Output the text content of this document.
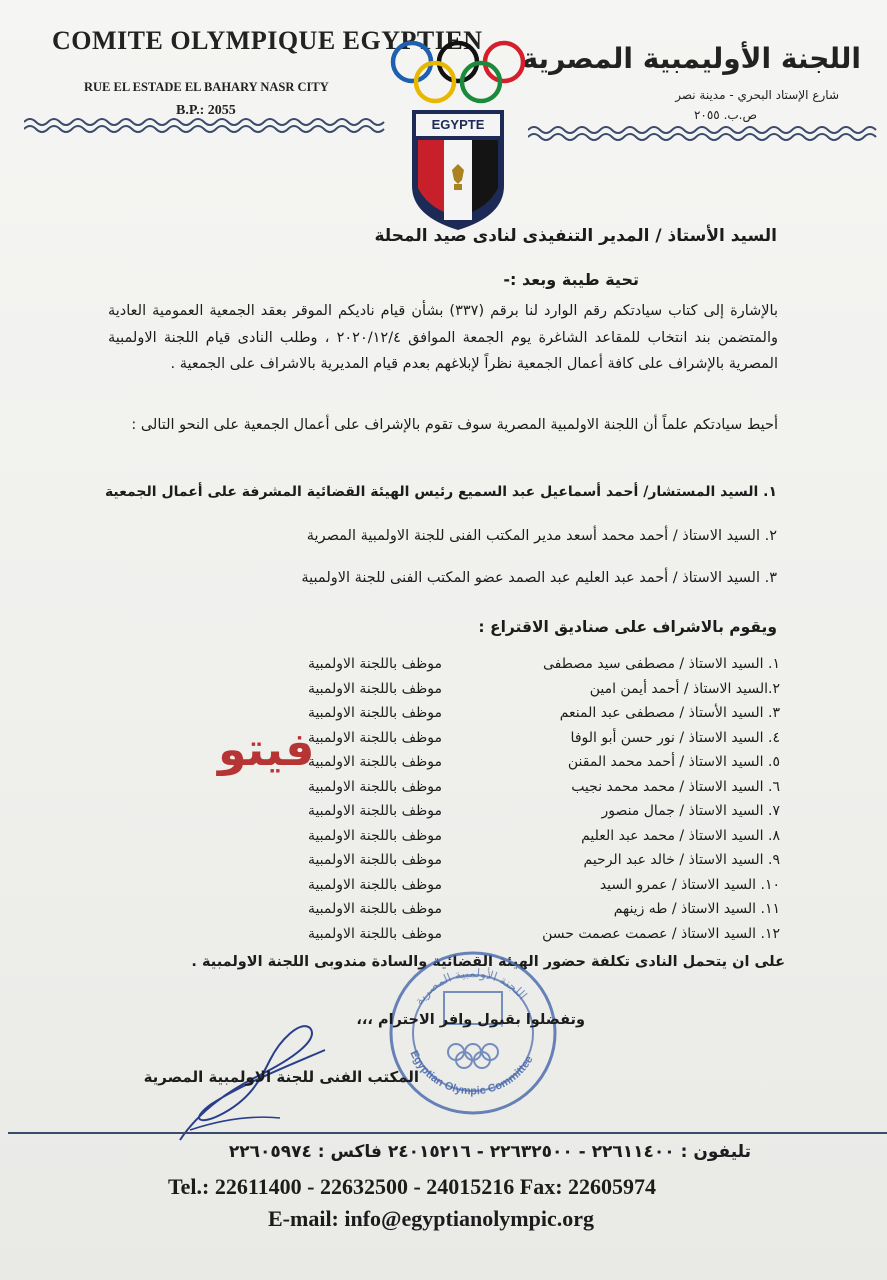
COMITE OLYMPIQUE EGYPTIEN
RUE EL ESTADE EL BAHARY NASR CITY
B.P.: 2055
اللجنة الأوليمبية المصرية
شارع الإستاد البحري - مدينة نصر
ص.ب. ٢٠٥٥
EGYPTE
السيد الأستاذ / المدير التنفيذى لنادى صيد المحلة
تحية طيبة وبعد :-
بالإشارة إلى كتاب سيادتكم رقم الوارد لنا برقم (٣٣٧) بشأن قيام ناديكم الموقر بعقد الجمعية العمومية العادية والمتضمن بند انتخاب للمقاعد الشاغرة يوم الجمعة الموافق ٢٠٢٠/١٢/٤ ، وطلب النادى قيام اللجنة الاولمبية المصرية بالإشراف على كافة أعمال الجمعية نظراً لإبلاغهم بعدم قيام المديرية بالاشراف على الجمعية .
أحيط سيادتكم علماً أن اللجنة الاولمبية المصرية سوف تقوم بالإشراف على أعمال الجمعية على النحو التالى :
١. السيد المستشار/ أحمد أسماعيل عبد السميع رئيس الهيئة القضائية المشرفة على أعمال الجمعية
٢. السيد الاستاذ / أحمد محمد أسعد مدير المكتب الفنى للجنة الاولمبية المصرية
٣. السيد الاستاذ / أحمد عبد العليم عبد الصمد عضو المكتب الفنى للجنة الاولمبية
ويقوم بالاشراف على صناديق الاقتراع :
١. السيد الاستاذ / مصطفى سيد مصطفى
موظف باللجنة الاولمبية
٢.السيد الاستاذ / أحمد أيمن امين
موظف باللجنة الاولمبية
٣. السيد الأستاذ / مصطفى عبد المنعم
موظف باللجنة الاولمبية
٤. السيد الاستاذ / نور حسن أبو الوفا
موظف باللجنة الاولمبية
٥. السيد الاستاذ / أحمد محمد المقنن
موظف باللجنة الاولمبية
٦. السيد الاستاذ / محمد محمد نجيب
موظف باللجنة الاولمبية
٧. السيد الاستاذ / جمال منصور
موظف باللجنة الاولمبية
٨. السيد الاستاذ / محمد عبد العليم
موظف باللجنة الاولمبية
٩. السيد الاستاذ / خالد عبد الرحيم
موظف باللجنة الاولمبية
١٠. السيد الاستاذ / عمرو السيد
موظف باللجنة الاولمبية
١١. السيد الاستاذ / طه زينهم
موظف باللجنة الاولمبية
١٢. السيد الاستاذ / عصمت عصمت حسن
موظف باللجنة الاولمبية
فيتو
على ان يتحمل النادى تكلفة حضور الهيئة القضائية والسادة مندوبى اللجنة الاولمبية .
Egyptian Olympic Committee
اللجنة الأولمبية المصرية
وتفضلوا بقبول وافر الاحترام ،،،
المكتب الفنى للجنة الاولمبية المصرية
تليفون : ٢٢٦١١٤٠٠ - ٢٢٦٣٢٥٠٠ - ٢٤٠١٥٢١٦ فاكس : ٢٢٦٠٥٩٧٤
Tel.: 22611400 - 22632500 - 24015216 Fax: 22605974
E-mail: info@egyptianolympic.org
